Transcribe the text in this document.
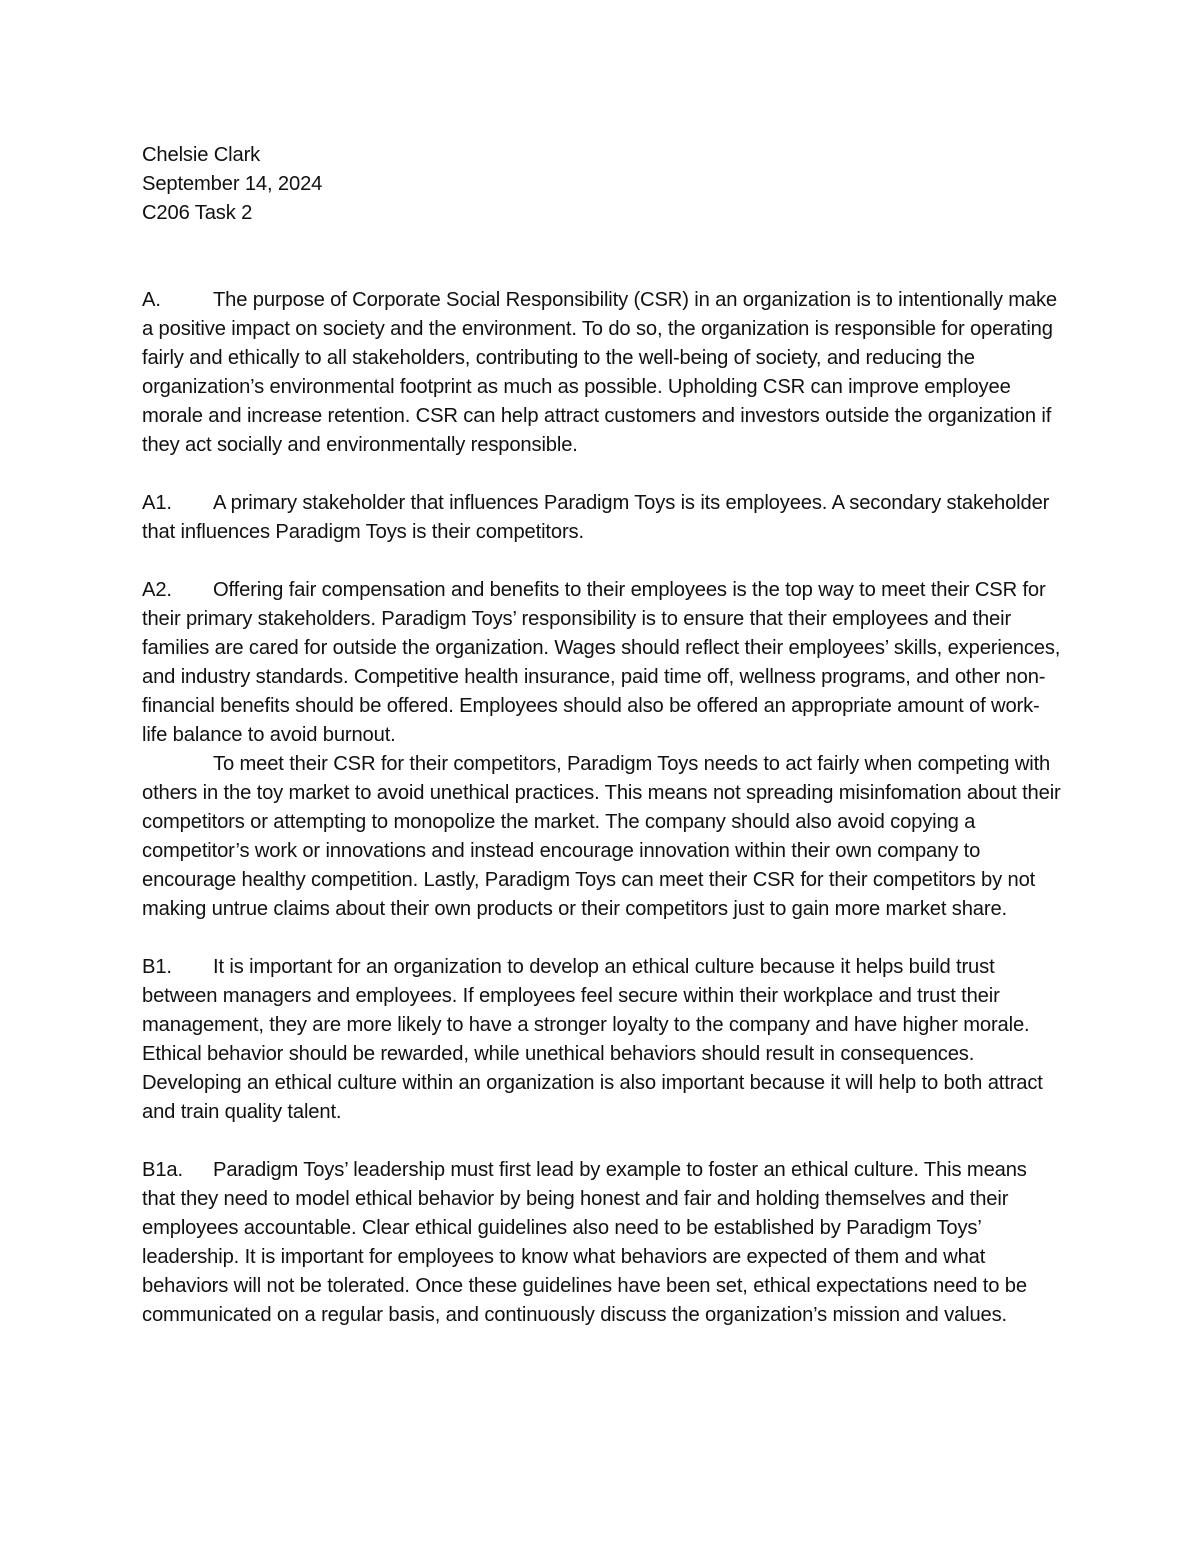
Chelsie Clark

September 14, 2024

C206 Task 2

A.	The purpose of Corporate Social Responsibility (CSR) in an organization is to intentionally make a positive impact on society and the environment. To do so, the organization is responsible for operating fairly and ethically to all stakeholders, contributing to the well-being of society, and reducing the organization’s environmental footprint as much as possible. Upholding CSR can improve employee morale and increase retention. CSR can help attract customers and investors outside the organization if they act socially and environmentally responsible.

A1. A primary stakeholder that influences Paradigm Toys is its employees. A secondary stakeholder that influences Paradigm Toys is their competitors.

A2. Offering fair compensation and benefits to their employees is the top way to meet their CSR for their primary stakeholders. Paradigm Toys’ responsibility is to ensure that their employees and their families are cared for outside the organization. Wages should reflect their employees’ skills, experiences, and industry standards. Competitive health insurance, paid time off, wellness programs, and other non-financial benefits should be offered. Employees should also be offered an appropriate amount of work-life balance to avoid burnout.

To meet their CSR for their competitors, Paradigm Toys needs to act fairly when competing with others in the toy market to avoid unethical practices. This means not spreading misinfomation about their competitors or attempting to monopolize the market. The company should also avoid copying a competitor’s work or innovations and instead encourage innovation within their own company to encourage healthy competition. Lastly, Paradigm Toys can meet their CSR for their competitors by not making untrue claims about their own products or their competitors just to gain more market share.

B1. It is important for an organization to develop an ethical culture because it helps build trust between managers and employees. If employees feel secure within their workplace and trust their management, they are more likely to have a stronger loyalty to the company and have higher morale. Ethical behavior should be rewarded, while unethical behaviors should result in consequences. Developing an ethical culture within an organization is also important because it will help to both attract and train quality talent.

B1a. Paradigm Toys’ leadership must first lead by example to foster an ethical culture. This means that they need to model ethical behavior by being honest and fair and holding themselves and their employees accountable. Clear ethical guidelines also need to be established by Paradigm Toys’ leadership. It is important for employees to know what behaviors are expected of them and what behaviors will not be tolerated. Once these guidelines have been set, ethical expectations need to be communicated on a regular basis, and continuously discuss the organization’s mission and values.
